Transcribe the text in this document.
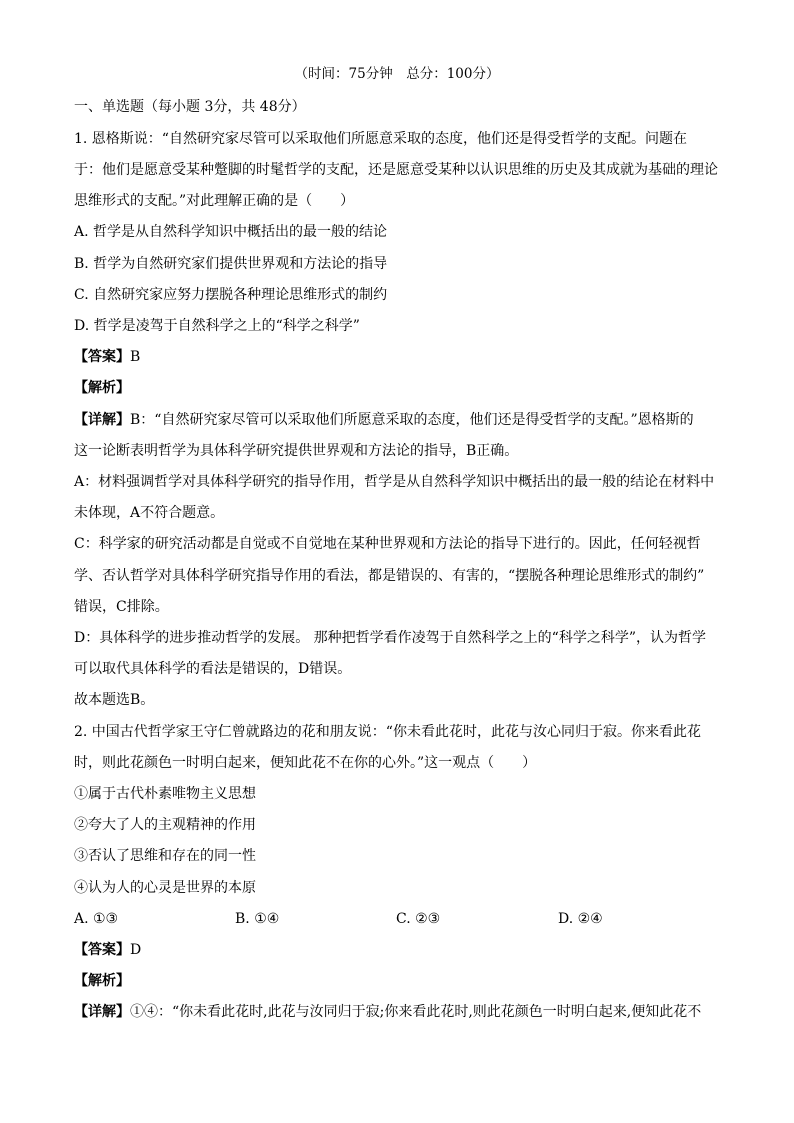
（时间：75分钟　总分：100分）
一、单选题（每小题 3分，共 48分）
1. 恩格斯说：“自然研究家尽管可以采取他们所愿意采取的态度，他们还是得受哲学的支配。问题在
于：他们是愿意受某种蹩脚的时髦哲学的支配，还是愿意受某种以认识思维的历史及其成就为基础的理论
思维形式的支配。”对此理解正确的是（　　）
A. 哲学是从自然科学知识中概括出的最一般的结论
B. 哲学为自然研究家们提供世界观和方法论的指导
C. 自然研究家应努力摆脱各种理论思维形式的制约
D. 哲学是凌驾于自然科学之上的“科学之科学”
【答案】B
【解析】
【详解】B：“自然研究家尽管可以采取他们所愿意采取的态度，他们还是得受哲学的支配。”恩格斯的
这一论断表明哲学为具体科学研究提供世界观和方法论的指导，B正确。
A：材料强调哲学对具体科学研究的指导作用，哲学是从自然科学知识中概括出的最一般的结论在材料中
未体现，A不符合题意。
C：科学家的研究活动都是自觉或不自觉地在某种世界观和方法论的指导下进行的。因此，任何轻视哲
学、否认哲学对具体科学研究指导作用的看法，都是错误的、有害的，“摆脱各种理论思维形式的制约”
错误，C排除。
D：具体科学的进步推动哲学的发展。 那种把哲学看作凌驾于自然科学之上的“科学之科学”，认为哲学
可以取代具体科学的看法是错误的，D错误。
故本题选B。
2. 中国古代哲学家王守仁曾就路边的花和朋友说：“你未看此花时，此花与汝心同归于寂。你来看此花
时，则此花颜色一时明白起来，便知此花不在你的心外。”这一观点（　　）
①属于古代朴素唯物主义思想
②夸大了人的主观精神的作用
③否认了思维和存在的同一性
④认为人的心灵是世界的本原
A. ①③	B. ①④	C. ②③	D. ②④
【答案】D
【解析】
【详解】①④：“你未看此花时,此花与汝同归于寂;你来看此花时,则此花颜色一时明白起来,便知此花不
